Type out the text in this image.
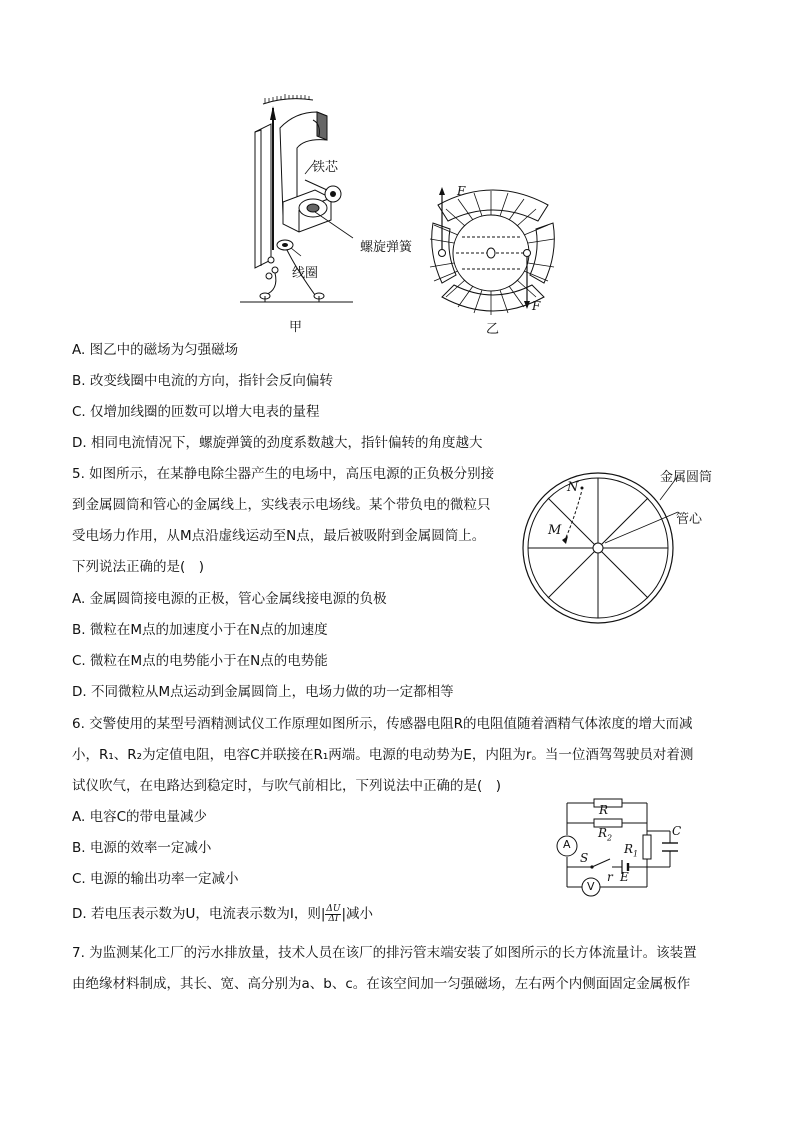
铁芯
螺旋弹簧
线圈
甲
F
F
乙
A. 图乙中的磁场为匀强磁场
B. 改变线圈中电流的方向，指针会反向偏转
C. 仅增加线圈的匝数可以增大电表的量程
D. 相同电流情况下，螺旋弹簧的劲度系数越大，指针偏转的角度越大
5. 如图所示，在某静电除尘器产生的电场中，高压电源的正负极分别接
到金属圆筒和管心的金属线上，实线表示电场线。某个带负电的微粒只
受电场力作用，从M点沿虚线运动至N点，最后被吸附到金属圆筒上。
下列说法正确的是(　)
A. 金属圆筒接电源的正极，管心金属线接电源的负极
B. 微粒在M点的加速度小于在N点的加速度
C. 微粒在M点的电势能小于在N点的电势能
D. 不同微粒从M点运动到金属圆筒上，电场力做的功一定都相等
金属圆筒
管心
M
N
6. 交警使用的某型号酒精测试仪工作原理如图所示，传感器电阻R的电阻值随着酒精气体浓度的增大而减
小，R₁、R₂为定值电阻，电容C并联接在R₁两端。电源的电动势为E，内阻为r。当一位酒驾驾驶员对着测
试仪吹气，在电路达到稳定时，与吹气前相比，下列说法中正确的是(　)
A. 电容C的带电量减少
B. 电源的效率一定减小
C. 电源的输出功率一定减小
D. 若电压表示数为U，电流表示数为I，则| $\frac{\Delta U}{\Delta I}$ |减小
R
$R_2$
$R_1$
C
A
S
r E
V
7. 为监测某化工厂的污水排放量，技术人员在该厂的排污管末端安装了如图所示的长方体流量计。该装置
由绝缘材料制成，其长、宽、高分别为a、b、c。在该空间加一匀强磁场，左右两个内侧面固定金属板作
